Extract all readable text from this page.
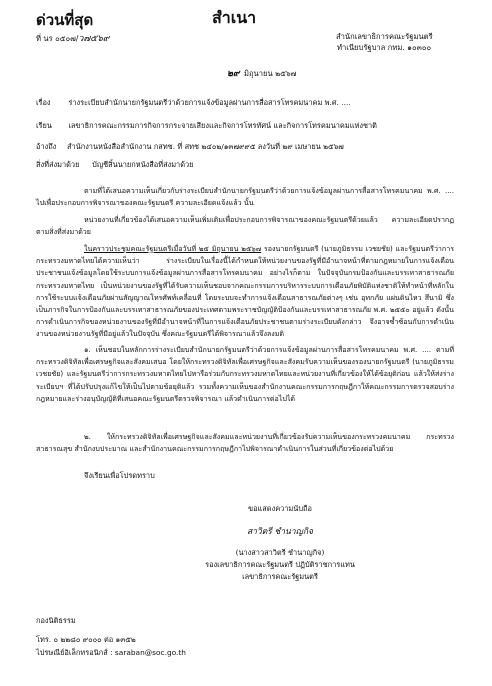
ด่วนที่สุด	สำเนา
ที่ นร ๐๕๐๗/ว๗๕๖๙	สำนักเลขาธิการคณะรัฐมนตรี
ทำเนียบรัฐบาล กทม. ๑๐๓๐๐
๒๙ มิถุนายน ๒๕๖๗
เรื่อง ร่างระเบียบสำนักนายกรัฐมนตรีว่าด้วยการแจ้งข้อมูลผ่านการสื่อสารโทรคมนาคม พ.ศ. ....
เรียน เลขาธิการคณะกรรมการกิจการกระจายเสียงและกิจการโทรทัศน์ และกิจการโทรคมนาคมแห่งชาติ
อ้างถึง สำนักงานหนังสือสำนักงาน กสทช. ที่ สทช ๒๔๐๒/๑๓๗๙๙๕ ลงวันที่ ๒๙ เมษายน ๒๕๖๗
สิ่งที่ส่งมาด้วย บัญชีสิ้นนายกหนังสือที่ส่งมาด้วย

ตามที่ได้เสนอความเห็นเกี่ยวกับร่างระเบียบสำนักนายกรัฐมนตรีว่าด้วยการแจ้งข้อมูลผ่านการสื่อสารโทรคมนาคม พ.ศ. .... ไปเพื่อประกอบการพิจารณาของคณะรัฐมนตรี ความละเอียดแจ้งแล้ว นั้น

หน่วยงานที่เกี่ยวข้องได้เสนอความเห็นเพิ่มเติมเพื่อประกอบการพิจารณาของคณะรัฐมนตรีด้วยแล้ว ความละเอียดปรากฏตามสิ่งที่ส่งมาด้วย

ในคราวประชุมคณะรัฐมนตรีเมื่อวันที่ ๒๕ มิถุนายน ๒๕๖๗ รองนายกรัฐมนตรี (นายภูมิธรรม เวชยชัย) และรัฐมนตรีว่าการกระทรวงมหาดไทยได้ความเห็นว่า ร่างระเบียบในเรื่องนี้ได้กำหนดให้หน่วยงานของรัฐที่มีอำนาจหน้าที่ตามกฎหมายในการแจ้งเตือนประชาชนแจ้งข้อมูลโดยใช้ระบบการแจ้งข้อมูลผ่านการสื่อสารโทรคมนาคม อย่างไรก็ตาม ในปัจจุบันกรมป้องกันและบรรเทาสาธารณภัย กระทรวงมหาดไทย เป็นหน่วยงานของรัฐที่ได้รับความเห็นชอบจากคณะกรรมการบริหารระบบการเตือนภัยพิบัติแห่งชาติให้ทำหน้าที่หลักในการใช้ระบบแจ้งเตือนภัยผ่านสัญญาณโทรศัพท์เคลื่อนที่ โดยระบบจะทำการแจ้งเตือนสาธารณภัยต่างๆ เช่น อุทกภัย แผ่นดินไหว สึนามิ ซึ่งเป็นภารกิจในการป้องกันและบรรเทาสาธารณภัยของประเทศตามพระราชบัญญัติป้องกันและบรรเทาสาธารณภัย พ.ศ. ๒๕๕๐ อยู่แล้ว ดังนั้น การดำเนินการกิจของหน่วยงานของรัฐที่มีอำนาจหน้าที่ในการแจ้งเตือนภัยประชาชนตามร่างระเบียบดังกล่าว จึงอาจซ้ำซ้อนกับการดำเนินงานของหน่วยงานรัฐที่มีอยู่แล้วในปัจจุบัน ซึ่งคณะรัฐมนตรีได้พิจารณาแล้วจึงลงมติ

๑. เห็นชอบในหลักการร่างระเบียบสำนักนายกรัฐมนตรีว่าด้วยการแจ้งข้อมูลผ่านการสื่อสารโทรคมนาคม พ.ศ. .... ตามที่กระทรวงดิจิทัลเพื่อเศรษฐกิจและสังคมเสนอ โดยให้กระทรวงดิจิทัลเพื่อเศรษฐกิจและสังคมรับความเห็นของรองนายกรัฐมนตรี (นายภูมิธรรม เวชยชัย) และรัฐมนตรีว่าการกระทรวงมหาดไทยไปหารือร่วมกับกระทรวงมหาดไทยและหน่วยงานที่เกี่ยวข้องให้ได้ข้อยุติก่อน แล้วให้ส่งร่างระเบียบฯ ที่ได้ปรับปรุงแก้ไขให้เป็นไปตามข้อยุติแล้ว รวมทั้งความเห็นของสำนักงานคณะกรรมการกฤษฎีกาให้คณะกรรมการตรวจสอบร่างกฎหมายและร่างอนุบัญญัติที่เสนอคณะรัฐมนตรีตรวจพิจารณา แล้วดำเนินการต่อไปได้

๒. ให้กระทรวงดิจิทัลเพื่อเศรษฐกิจและสังคมและหน่วยงานที่เกี่ยวข้องรับความเห็นของกระทรวงคมนาคม กระทรวงสาธารณสุข สำนักงบประมาณ และสำนักงานคณะกรรมการกฤษฎีกาไปพิจารณาดำเนินการในส่วนที่เกี่ยวข้องต่อไปด้วย

จึงเรียนเพื่อโปรดทราบ
ขอแสดงความนับถือ
สาวิตรี ชำนาญกิจ
(นางสาวสาวิตรี ชำนาญกิจ)
รองเลขาธิการคณะรัฐมนตรี ปฏิบัติราชการแทน
เลขาธิการคณะรัฐมนตรี
กองนิติธรรม
โทร. ๐ ๒๒๘๐ ๙๐๐๐ ต่อ ๑๓๕๒
ไปรษณีย์อิเล็กทรอนิกส์ : saraban@soc.go.th
